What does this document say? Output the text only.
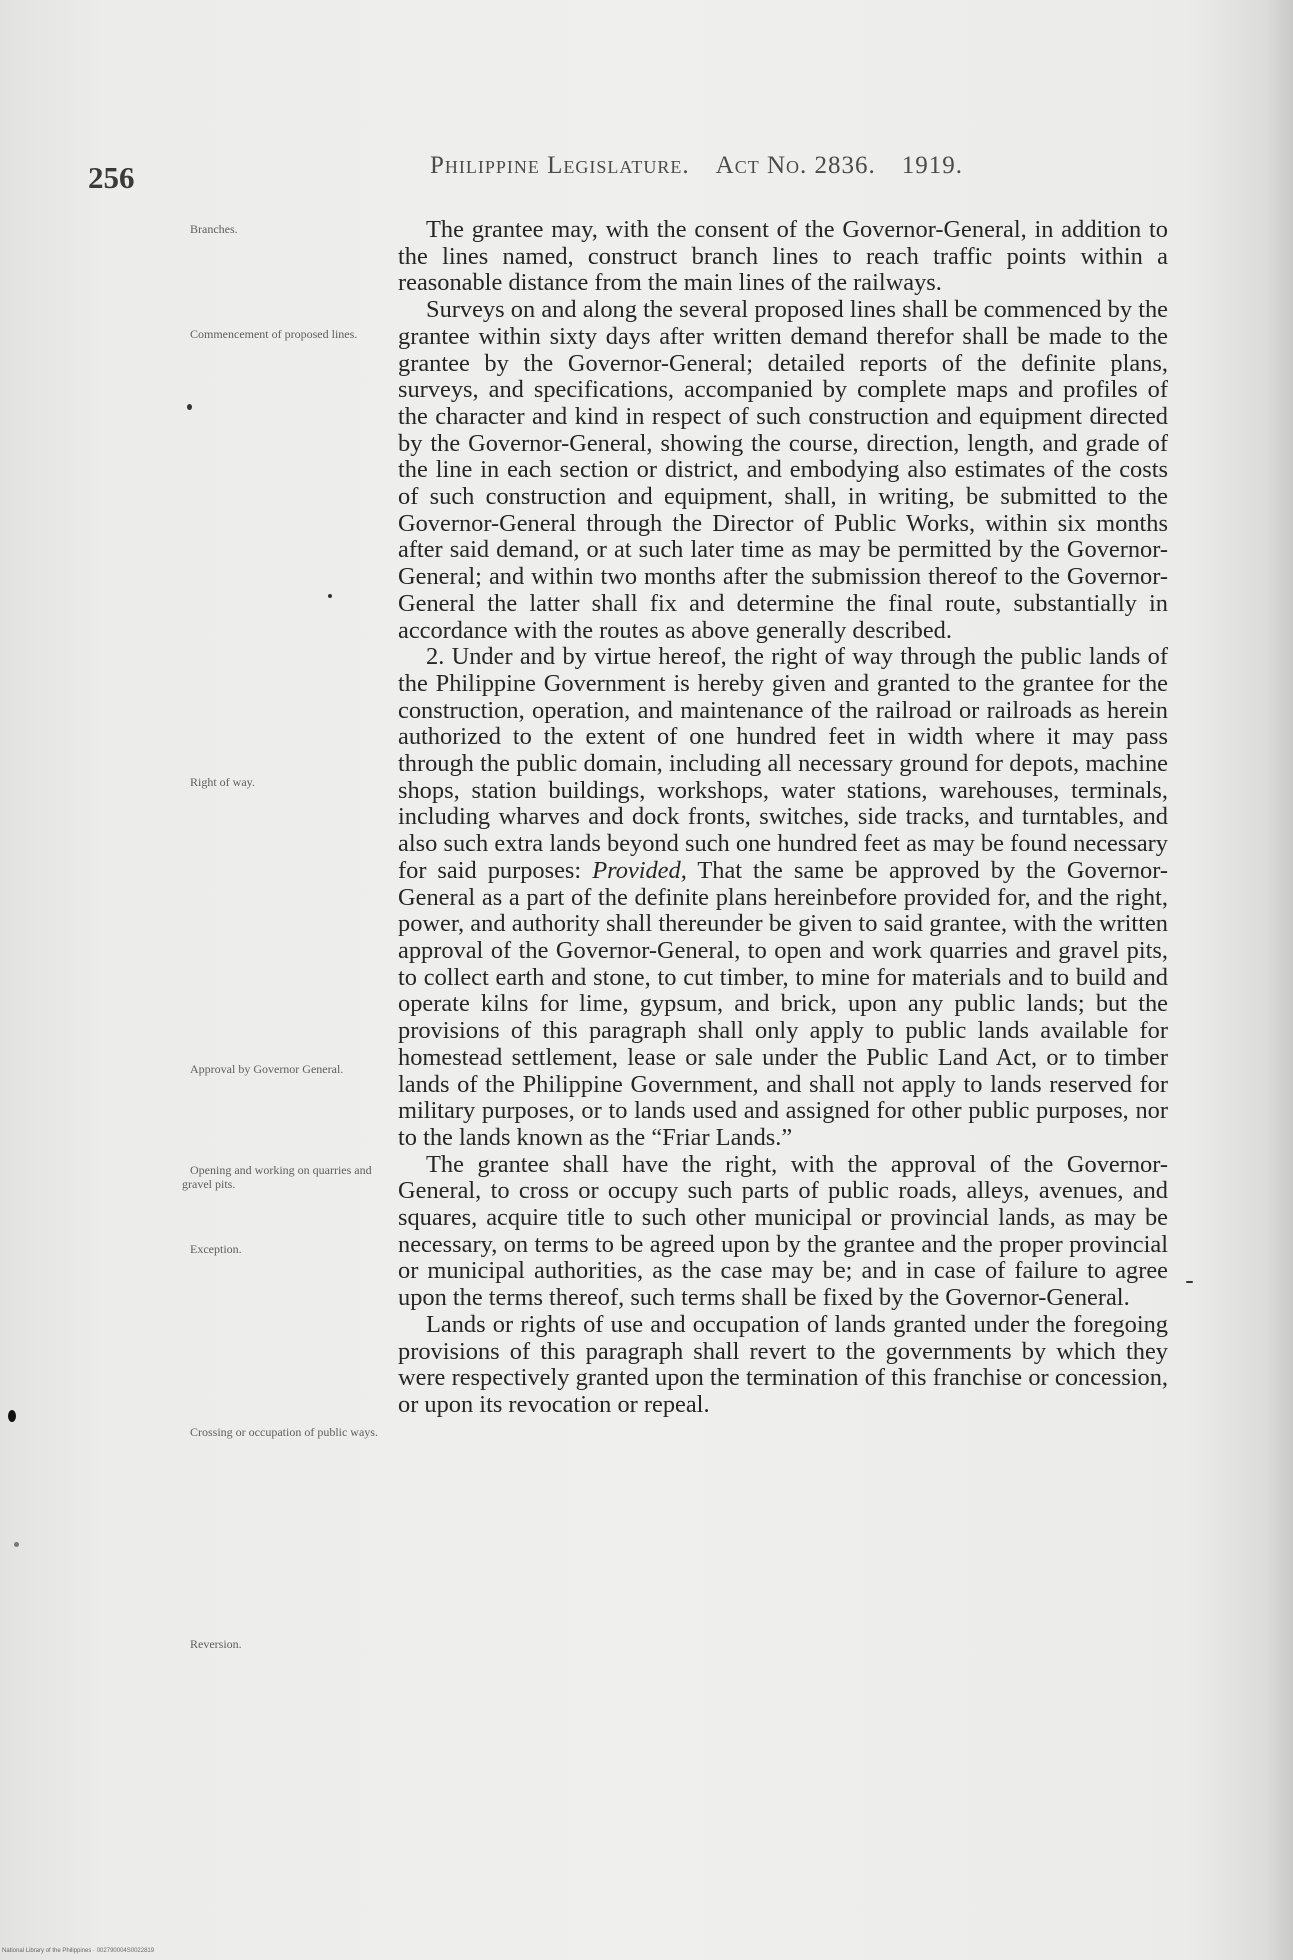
256	Philippine Legislature. Act No. 2836. 1919.
Branches.
Commencement of proposed lines.
Right of way.
Approval by Governor General.
Opening and working on quarries and gravel pits.
Exception.
Crossing or occupation of public ways.
Reversion.

The grantee may, with the consent of the Governor-General, in addition to the lines named, construct branch lines to reach traffic points within a reasonable distance from the main lines of the railways.

Surveys on and along the several proposed lines shall be commenced by the grantee within sixty days after written demand therefor shall be made to the grantee by the Governor-General; detailed reports of the definite plans, surveys, and specifications, accompanied by complete maps and profiles of the character and kind in respect of such construction and equipment directed by the Governor-General, showing the course, direction, length, and grade of the line in each section or district, and embodying also estimates of the costs of such construction and equipment, shall, in writing, be submitted to the Governor-General through the Director of Public Works, within six months after said demand, or at such later time as may be permitted by the Governor-General; and within two months after the submission thereof to the Governor-General the latter shall fix and determine the final route, substantially in accordance with the routes as above generally described.

2. Under and by virtue hereof, the right of way through the public lands of the Philippine Government is hereby given and granted to the grantee for the construction, operation, and maintenance of the railroad or railroads as herein authorized to the extent of one hundred feet in width where it may pass through the public domain, including all necessary ground for depots, machine shops, station buildings, workshops, water stations, warehouses, terminals, including wharves and dock fronts, switches, side tracks, and turntables, and also such extra lands beyond such one hundred feet as may be found necessary for said purposes: Provided, That the same be approved by the Governor-General as a part of the definite plans hereinbefore provided for, and the right, power, and authority shall thereunder be given to said grantee, with the written approval of the Governor-General, to open and work quarries and gravel pits, to collect earth and stone, to cut timber, to mine for materials and to build and operate kilns for lime, gypsum, and brick, upon any public lands; but the provisions of this paragraph shall only apply to public lands available for homestead settlement, lease or sale under the Public Land Act, or to timber lands of the Philippine Government, and shall not apply to lands reserved for military purposes, or to lands used and assigned for other public purposes, nor to the lands known as the “Friar Lands.”

The grantee shall have the right, with the approval of the Governor-General, to cross or occupy such parts of public roads, alleys, avenues, and squares, acquire title to such other municipal or provincial lands, as may be necessary, on terms to be agreed upon by the grantee and the proper provincial or municipal authorities, as the case may be; and in case of failure to agree upon the terms thereof, such terms shall be fixed by the Governor-General.

Lands or rights of use and occupation of lands granted under the foregoing provisions of this paragraph shall revert to the governments by which they were respectively granted upon the termination of this franchise or concession, or upon its revocation or repeal.

National Library of the Philippines · 002790004S0022819
